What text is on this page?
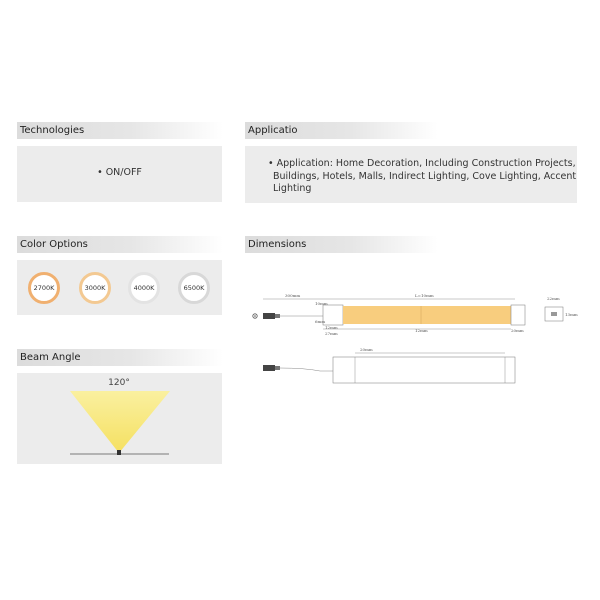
Technologies
• ON/OFF
Applicatio
• Application: Home Decoration, Including Construction Projects,
Buildings, Hotels, Malls, Indirect Lighting, Cove Lighting, Accent
Lighting
Color Options
2700K	3000K	4000K	6500K
Dimensions
300mm	L=10mm
10mm
6mm
27mm
12mm
12mm	20mm
22mm
13mm
20mm
Beam Angle
120°
